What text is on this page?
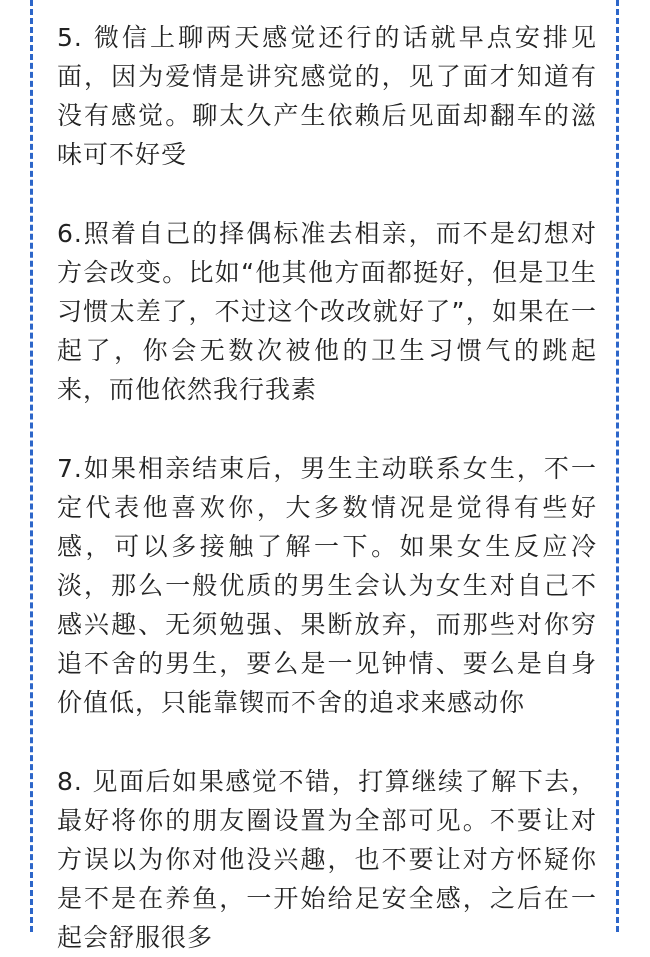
5. 微信上聊两天感觉还行的话就早点安排见面，因为爱情是讲究感觉的，见了面才知道有没有感觉。聊太久产生依赖后见面却翻车的滋味可不好受

6.照着自己的择偶标准去相亲，而不是幻想对方会改变。比如“他其他方面都挺好，但是卫生习惯太差了，不过这个改改就好了”，如果在一起了，你会无数次被他的卫生习惯气的跳起来，而他依然我行我素

7.如果相亲结束后，男生主动联系女生，不一定代表他喜欢你，大多数情况是觉得有些好感，可以多接触了解一下。如果女生反应冷淡，那么一般优质的男生会认为女生对自己不感兴趣、无须勉强、果断放弃，而那些对你穷追不舍的男生，要么是一见钟情、要么是自身价值低，只能靠锲而不舍的追求来感动你

8. 见面后如果感觉不错，打算继续了解下去，最好将你的朋友圈设置为全部可见。不要让对方误以为你对他没兴趣，也不要让对方怀疑你是不是在养鱼，一开始给足安全感，之后在一起会舒服很多
